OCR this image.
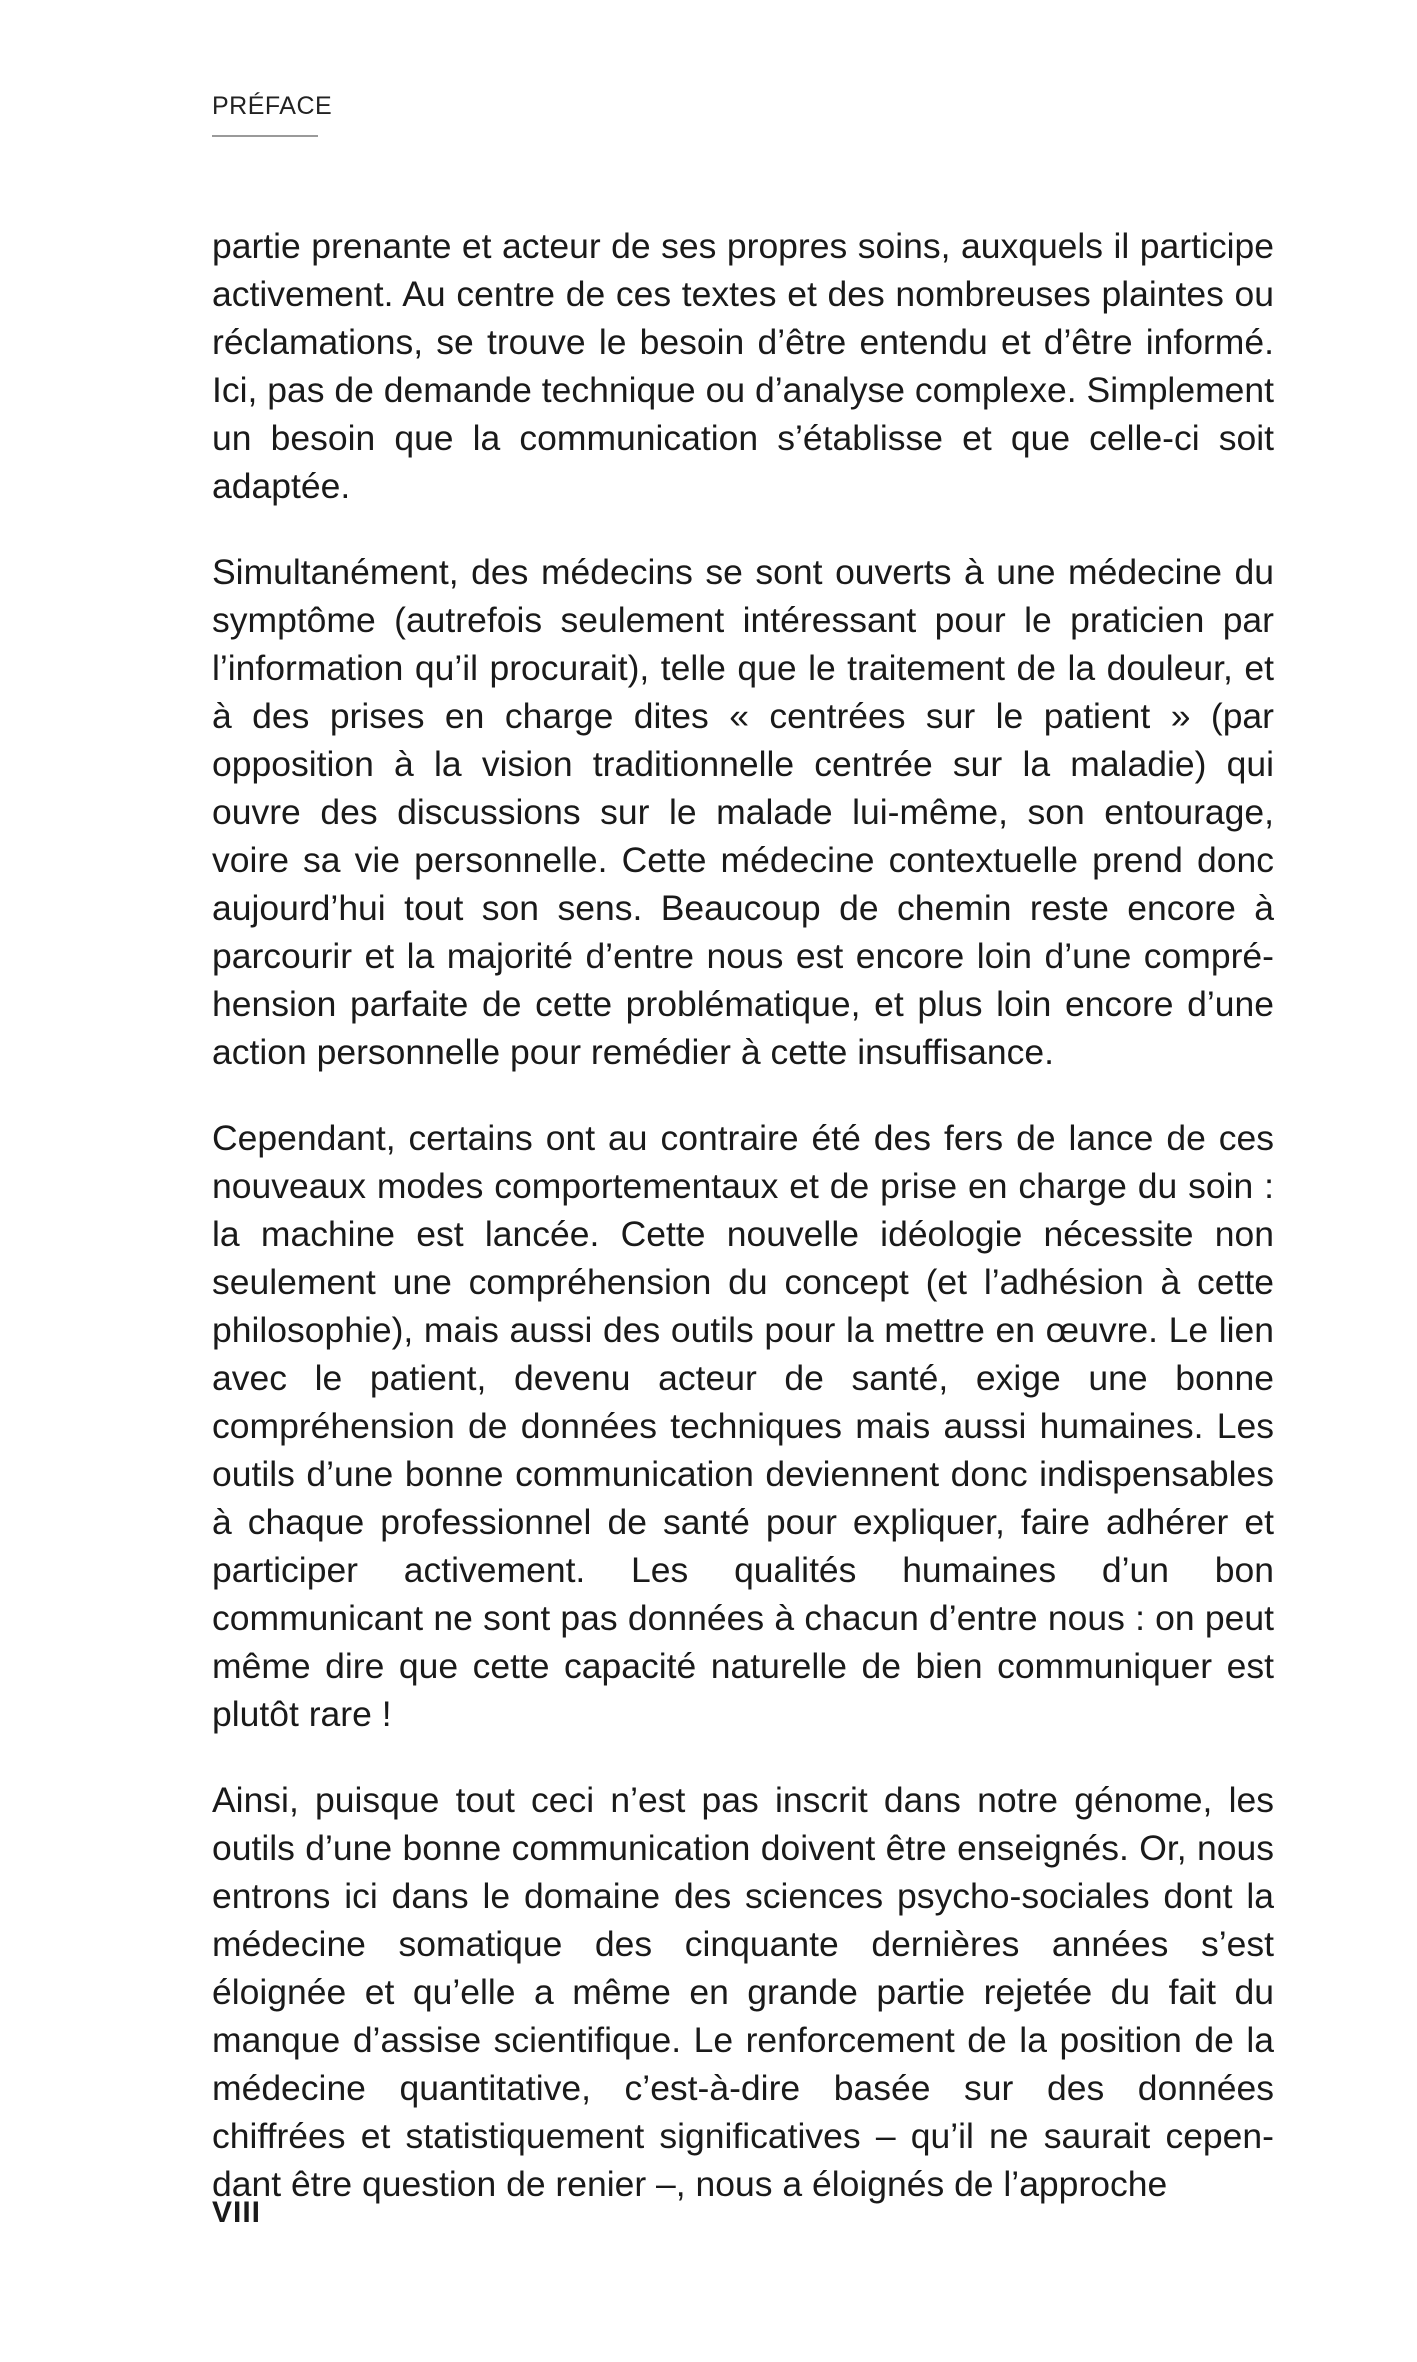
PRÉFACE

partie prenante et acteur de ses propres soins, auxquels il participe activement. Au centre de ces textes et des nombreuses plaintes ou réclamations, se trouve le besoin d’être entendu et d’être informé. Ici, pas de demande technique ou d’analyse complexe. Simplement un besoin que la communication s’établisse et que celle-ci soit adaptée.

Simultanément, des médecins se sont ouverts à une médecine du symptôme (autrefois seulement intéressant pour le praticien par l’information qu’il procurait), telle que le traitement de la douleur, et à des prises en charge dites « centrées sur le patient » (par opposition à la vision traditionnelle centrée sur la maladie) qui ouvre des discussions sur le malade lui-même, son entourage, voire sa vie personnelle. Cette médecine contextuelle prend donc aujourd’hui tout son sens. Beaucoup de chemin reste encore à parcourir et la majorité d’entre nous est encore loin d’une compréhension parfaite de cette problématique, et plus loin encore d’une action personnelle pour remédier à cette insuffisance.

Cependant, certains ont au contraire été des fers de lance de ces nouveaux modes comportementaux et de prise en charge du soin : la machine est lancée. Cette nouvelle idéologie nécessite non seulement une compréhension du concept (et l’adhésion à cette philosophie), mais aussi des outils pour la mettre en œuvre. Le lien avec le patient, devenu acteur de santé, exige une bonne compréhension de données techniques mais aussi humaines. Les outils d’une bonne communication deviennent donc indispensables à chaque professionnel de santé pour expliquer, faire adhérer et participer activement. Les qualités humaines d’un bon communicant ne sont pas données à chacun d’entre nous : on peut même dire que cette capacité naturelle de bien communiquer est plutôt rare !

Ainsi, puisque tout ceci n’est pas inscrit dans notre génome, les outils d’une bonne communication doivent être enseignés. Or, nous entrons ici dans le domaine des sciences psycho-sociales dont la médecine somatique des cinquante dernières années s’est éloignée et qu’elle a même en grande partie rejetée du fait du manque d’assise scientifique. Le renforcement de la position de la médecine quantitative, c’est-à-dire basée sur des données chiffrées et statistiquement significatives – qu’il ne saurait cependant être question de renier –, nous a éloignés de l’approche

VIII
